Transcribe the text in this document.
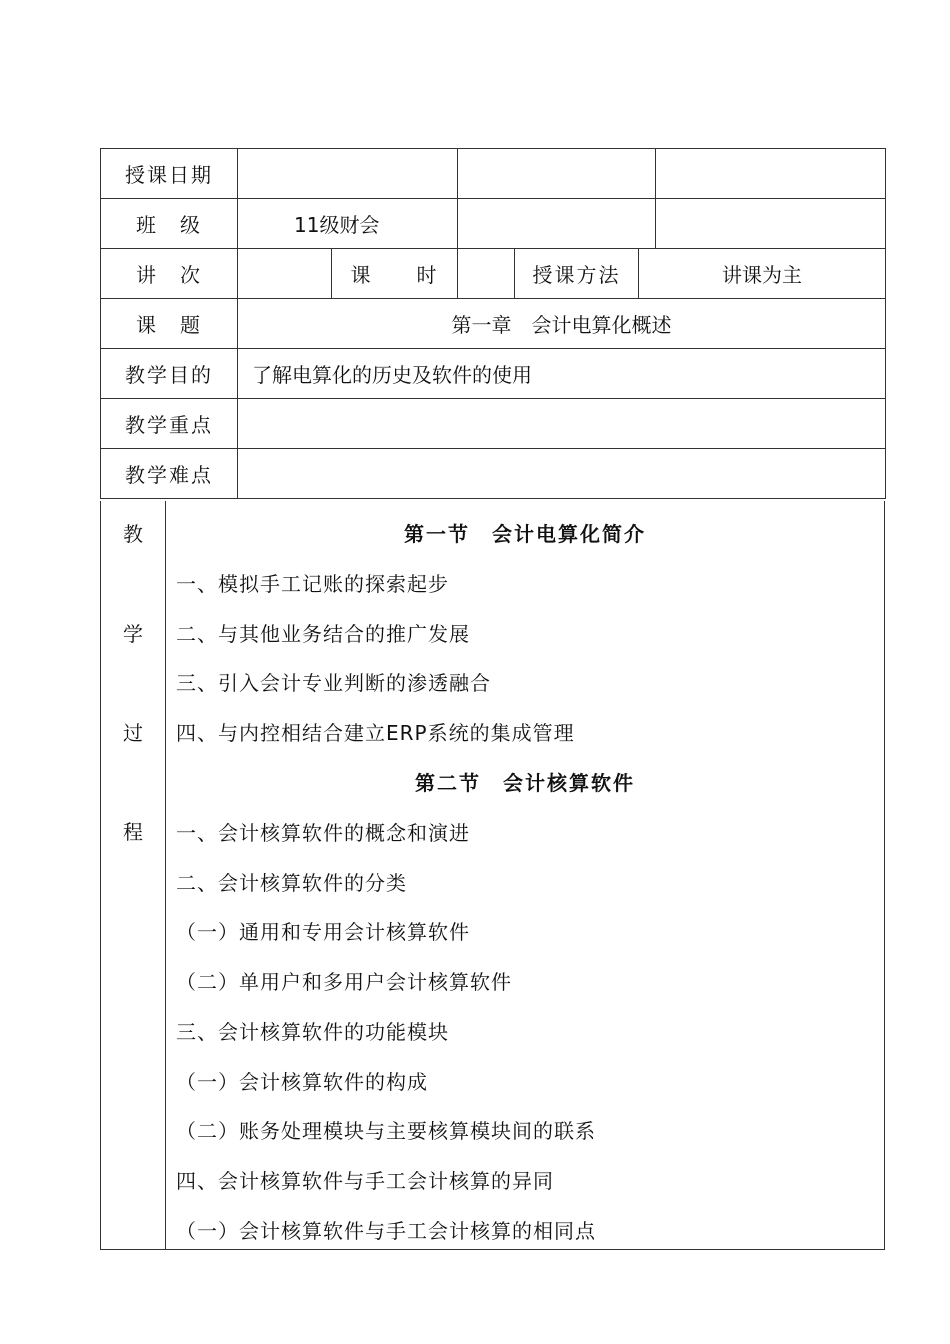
授课日期						
班　级	11级财会					
讲　次		课　　时		授课方法	讲课为主	
课　题	第一章　会计电算化概述					
教学目的	了解电算化的历史及软件的使用					
教学重点						
教学难点						
教
学
过
程
第一节　会计电算化简介
一、模拟手工记账的探索起步
二、与其他业务结合的推广发展
三、引入会计专业判断的渗透融合
四、与内控相结合建立ERP系统的集成管理
第二节　会计核算软件
一、会计核算软件的概念和演进
二、会计核算软件的分类
（一）通用和专用会计核算软件
（二）单用户和多用户会计核算软件
三、会计核算软件的功能模块
（一）会计核算软件的构成
（二）账务处理模块与主要核算模块间的联系
四、会计核算软件与手工会计核算的异同
（一）会计核算软件与手工会计核算的相同点
